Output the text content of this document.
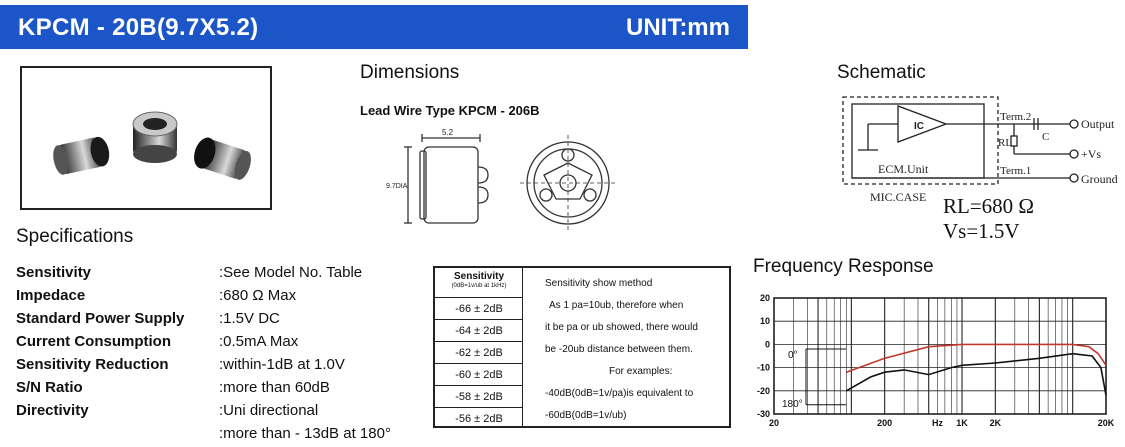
KPCM - 20B(9.7X5.2)	UNIT:mm
Dimensions	Schematic
Specifications
Frequency Response
Lead Wire Type KPCM - 206B
5.2
9.7DIA
IC
ECM.Unit
MIC.CASE
Term.2
Term.1
RL	C
Output
+Vs
Ground
RL=680 Ω
Vs=1.5V
Sensitivity	:See Model No. Table
Impedace	:680 Ω Max
Standard Power Supply :1.5V DC
Current Consumption	:0.5mA Max
Sensitivity Reduction	:within-1dB at 1.0V
S/N Ratio	:more than 60dB
Directivity	:Uni directional
:more than - 13dB at 180°
Sensitivity
(0dB=1v/ub at 1kHz)
-66 ± 2dB
-64 ± 2dB
-62 ± 2dB
-60 ± 2dB
-58 ± 2dB
-56 ± 2dB
Sensitivity show method
As 1 pa=10ub, therefore when
it be pa or ub showed, there would
be -20ub distance between them.
For examples:
-40dB(0dB=1v/pa)is equivalent to
-60dB(0dB=1v/ub)
20
10
0
-10
-20
-30
20	200	Hz 1K 2K	20K
0°
180°
